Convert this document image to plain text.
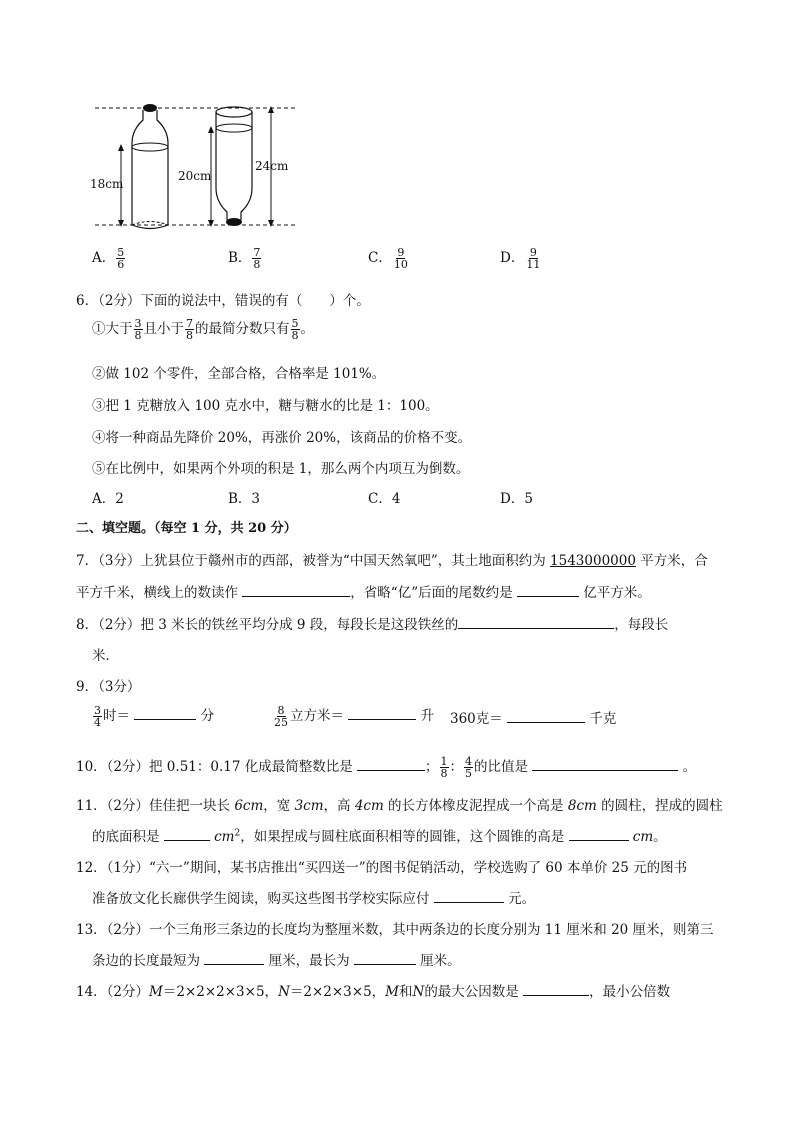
18cm
20cm
24cm
A． $\frac{5}{6}$	B． $\frac{7}{8}$	C． $\frac{9}{10}$	D． $\frac{9}{11}$
6．（2分）下面的说法中，错误的有（　　）个。
①大于 $\frac{3}{8}$ 且小于 $\frac{7}{8}$ 的最简分数只有 $\frac{5}{8}$ 。
②做 102 个零件，全部合格，合格率是 101%。
③把 1 克糖放入 100 克水中，糖与糖水的比是 1：100。
④将一种商品先降价 20%，再涨价 20%，该商品的价格不变。
⑤在比例中，如果两个外项的积是 1，那么两个内项互为倒数。
A．2	B．3	C．4	D．5
二、填空题。（每空 1 分，共 20 分）
7．（3分）上犹县位于赣州市的西部，被誉为“中国天然氧吧”，其土地面积约为 1543000000 平方米，合
平方千米，横线上的数读作	，省略“亿”后面的尾数约是	亿平方米。
8．（2分）把 3 米长的铁丝平均分成 9 段，每段长是这段铁丝的	，每段长
米．
9．（3分）
$\frac{3}{4}$ 时＝	分	$\frac{8}{25}$ 立方米＝	升 360克＝	千克
10．（2分）把 0.51：0.17 化成最简整数比是	； $\frac{1}{8}$ ： $\frac{4}{5}$ 的比值是	。
11．（2分）佳佳把一块长 6cm，宽 3cm，高 4cm 的长方体橡皮泥捏成一个高是 8cm 的圆柱，捏成的圆柱
的底面积是	$cm^2$，如果捏成与圆柱底面积相等的圆锥，这个圆锥的高是	cm。
12．（1分）“六一”期间，某书店推出“买四送一”的图书促销活动，学校选购了 60 本单价 25 元的图书
准备放文化长廊供学生阅读，购买这些图书学校实际应付	元。
13．（2分）一个三角形三条边的长度均为整厘米数，其中两条边的长度分别为 11 厘米和 20 厘米，则第三
条边的长度最短为	厘米，最长为	厘米。
14．（2分）M＝2×2×2×3×5，N＝2×2×3×5，M和N的最大公因数是	，最小公倍数
